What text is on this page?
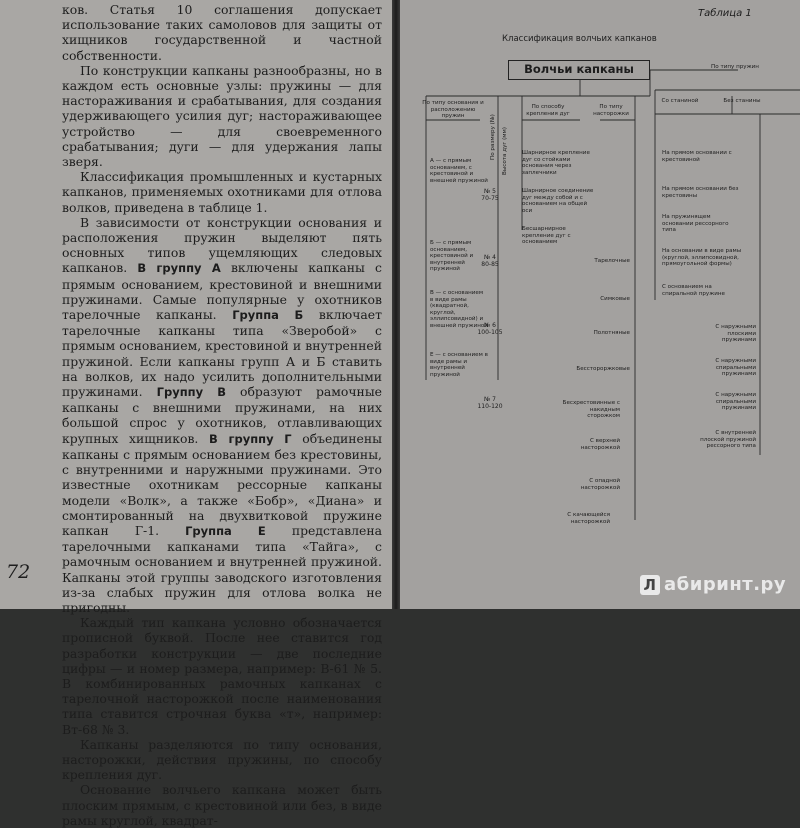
ков. Статья 10 соглашения допускает использование таких самоловов для защиты от хищников государственной и частной собственности.

По конструкции капканы разнообразны, но в каждом есть основные узлы: пружины — для настораживания и срабатывания, для создания удерживающего усилия дуг; настораживающее устройство — для своевременного срабатывания; дуги — для удержания лапы зверя.

Классификация промышленных и кустарных капканов, применяемых охотниками для отлова волков, приведена в таблице 1.

В зависимости от конструкции основания и расположения пружин выделяют пять основных типов ущемляющих следовых капканов. В группу А включены капканы с прямым основанием, крестовиной и внешними пружинами. Самые популярные у охотников тарелочные капканы. Группа Б включает тарелочные капканы типа «Зверобой» с прямым основанием, крестовиной и внутренней пружиной. Если капканы групп А и Б ставить на волков, их надо усилить дополнительными пружинами. Группу В образуют рамочные капканы с внешними пружинами, на них большой спрос у охотников, отлавливающих крупных хищников. В группу Г объединены капканы с прямым основанием без крестовины, с внутренними и наружными пружинами. Это известные охотникам рессорные капканы модели «Волк», а также «Бобр», «Диана» и смонтированный на двухвитковой пружине капкан Г-1. Группа Е представлена тарелочными капканами типа «Тайга», с рамочным основанием и внутренней пружиной. Капканы этой группы заводского изготовления из-за слабых пружин для отлова волка не пригодны.

Каждый тип капкана условно обозначается прописной буквой. После нее ставится год разработки конструкции — две последние цифры — и номер размера, например: В-61 № 5. В комбинированных рамочных капканах с тарелочной насторожкой после наименования типа ставится строчная буква «т», например: Вт-68 № 3.

Капканы разделяются по типу основания, насторожки, действия пружины, по способу крепления дуг.

Основание волчьего капкана может быть плоским прямым, с крестовиной или без, в виде рамы круглой, квадрат-

72
Таблица 1
Классификация волчьих капканов
Волчьи капканы	По типу пружин
По типу основания и расположению пружин	По размеру (№) Высота дуг (мм)
По способу крепления дуг
По типу насторожки
Со станиной	Без станины
А — с прямым основанием, с крестовиной и внешней пружиной
Б — с прямым основанием, крестовиной и внутренней пружиной
В — с основанием в виде рамы (квадратной, круглой, эллипсовидной) и внешней пружиной
Е — с основанием в виде рамы и внутренней пружиной
№ 5
70-75
№ 4
80-85
№ 6
100-105
№ 7
110-120
Шарнирное крепление дуг со стойками основания через заплечники
Шарнирное соединение дуг между собой и с основанием на общей оси
Бесшарнирное крепление дуг с основанием
Тарелочные
Симковые
Полотняные
Бесстороржковые
Бесхрестовинные с накидным сторожком
С верхней насторожкой
С опадной насторожкой
С качающейся насторожкой
На прямом основании с крестовиной
На прямом основании без крестовины
На пружинящем основании рессорного типа
На основании в виде рамы (круглой, эллипсовидной, прямоугольной формы)
С основанием на спиральной пружине
С наружными плоскими пружинами
С наружными спиральными пружинами
С наружными спиральными пружинами
С внутренней плоской пружиной рессорного типа
Л абиринт.ру
